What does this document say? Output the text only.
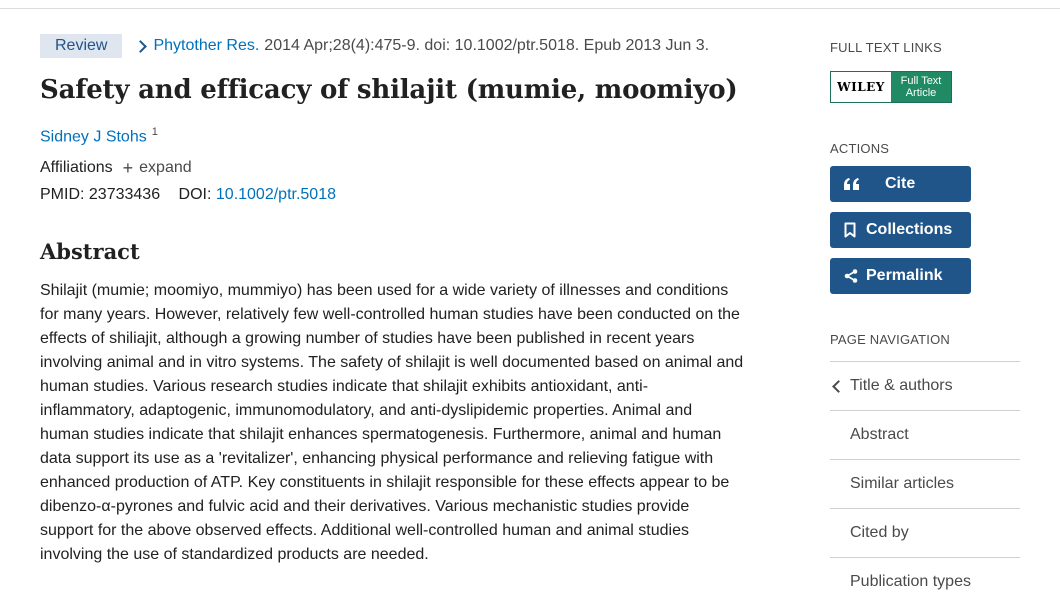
Review	Phytother Res. 2014 Apr;28(4):475-9. doi: 10.1002/ptr.5018. Epub 2013 Jun 3.
Safety and efficacy of shilajit (mumie, moomiyo)
Sidney J Stohs $^1$
Affiliations + expand
PMID: 23733436 DOI: 10.1002/ptr.5018
Abstract
Shilajit (mumie; moomiyo, mummiyo) has been used for a wide variety of illnesses and conditions
for many years. However, relatively few well-controlled human studies have been conducted on the
effects of shiliajit, although a growing number of studies have been published in recent years
involving animal and in vitro systems. The safety of shilajit is well documented based on animal and
human studies. Various research studies indicate that shilajit exhibits antioxidant, anti-
inflammatory, adaptogenic, immunomodulatory, and anti-dyslipidemic properties. Animal and
human studies indicate that shilajit enhances spermatogenesis. Furthermore, animal and human
data support its use as a 'revitalizer', enhancing physical performance and relieving fatigue with
enhanced production of ATP. Key constituents in shilajit responsible for these effects appear to be
dibenzo-α-pyrones and fulvic acid and their derivatives. Various mechanistic studies provide
support for the above observed effects. Additional well-controlled human and animal studies
involving the use of standardized products are needed.
FULL TEXT LINKS
WILEY	Full Text
Article
ACTIONS
Cite
Collections
Permalink
PAGE NAVIGATION
Title & authors
Abstract
Similar articles
Cited by
Publication types
